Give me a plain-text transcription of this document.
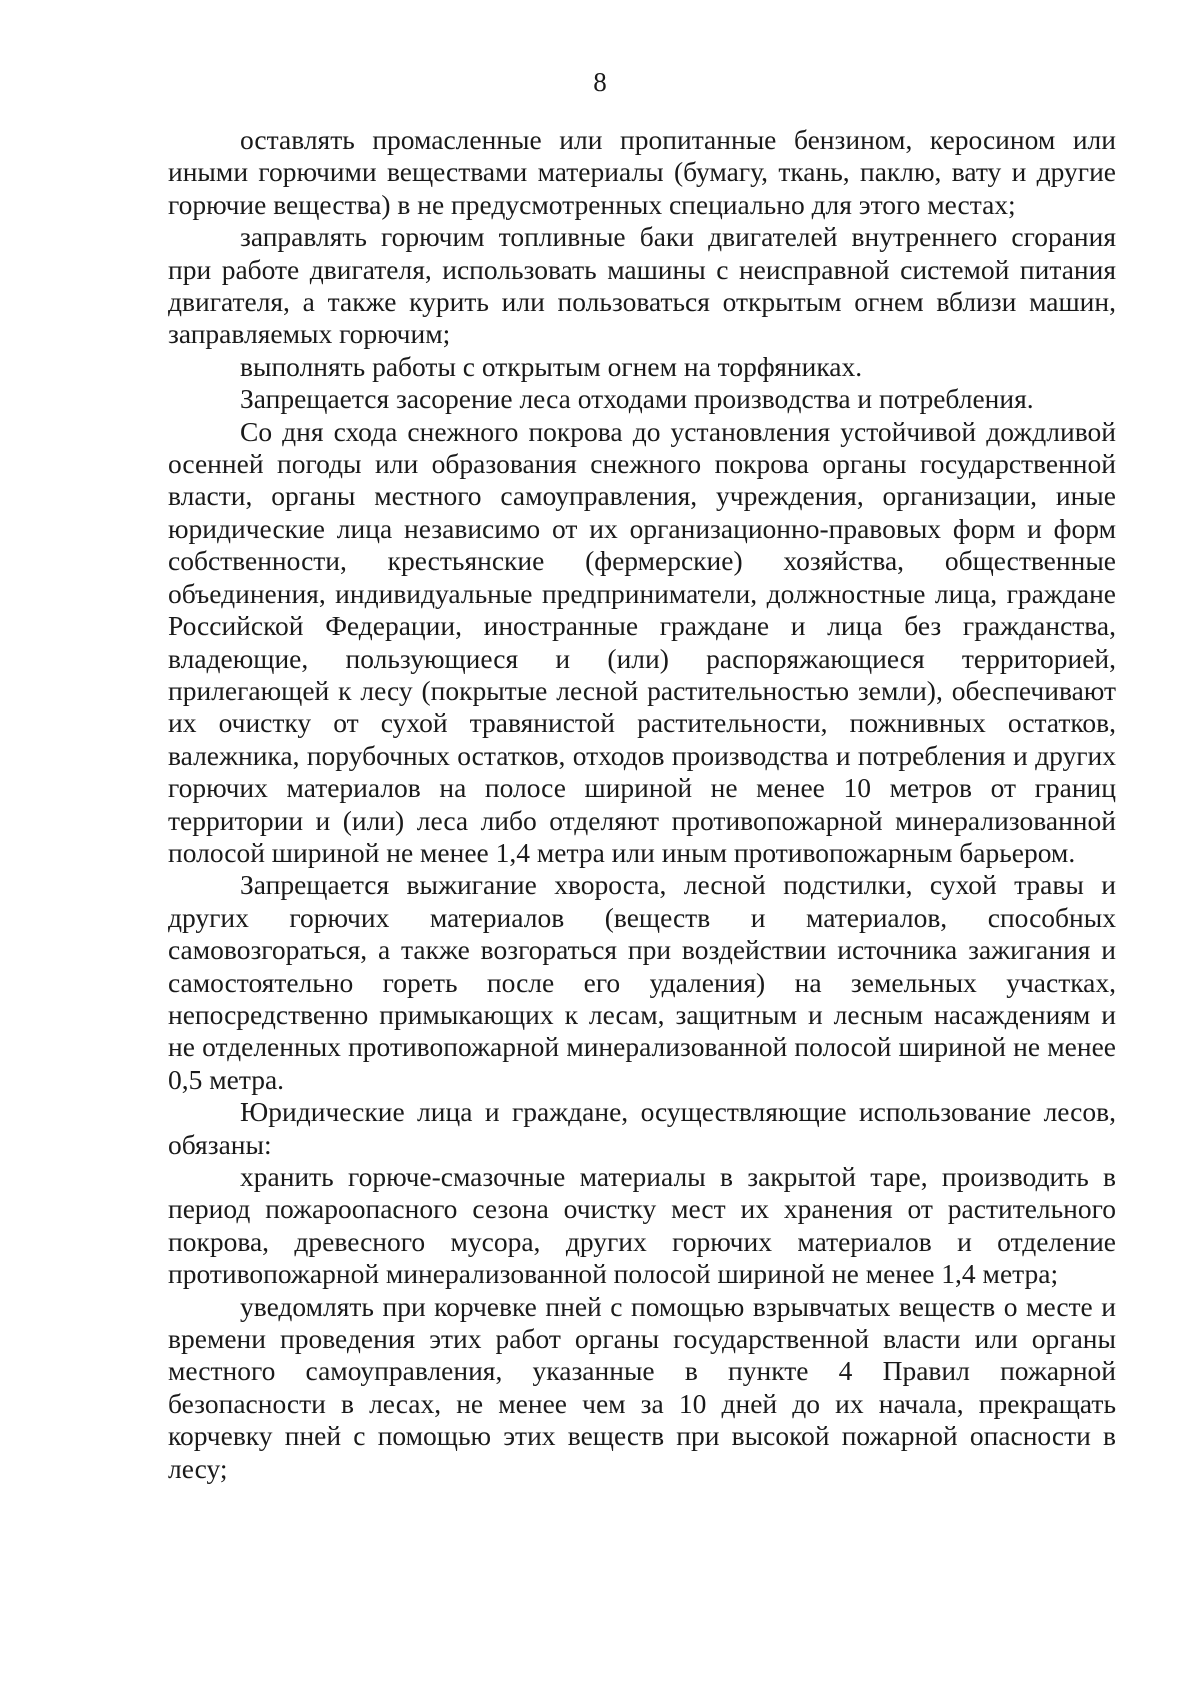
8

оставлять промасленные или пропитанные бензином, керосином или иными горючими веществами материалы (бумагу, ткань, паклю, вату и другие горючие вещества) в не предусмотренных специально для этого местах;

заправлять горючим топливные баки двигателей внутреннего сгорания при работе двигателя, использовать машины с неисправной системой питания двигателя, а также курить или пользоваться открытым огнем вблизи машин, заправляемых горючим;

выполнять работы с открытым огнем на торфяниках.

Запрещается засорение леса отходами производства и потребления.

Со дня схода снежного покрова до установления устойчивой дождливой осенней погоды или образования снежного покрова органы государственной власти, органы местного самоуправления, учреждения, организации, иные юридические лица независимо от их организационно-правовых форм и форм собственности, крестьянские (фермерские) хозяйства, общественные объединения, индивидуальные предприниматели, должностные лица, граждане Российской Федерации, иностранные граждане и лица без гражданства, владеющие, пользующиеся и (или) распоряжающиеся территорией, прилегающей к лесу (покрытые лесной растительностью земли), обеспечивают их очистку от сухой травянистой растительности, пожнивных остатков, валежника, порубочных остатков, отходов производства и потребления и других горючих материалов на полосе шириной не менее 10 метров от границ территории и (или) леса либо отделяют противопожарной минерализованной полосой шириной не менее 1,4 метра или иным противопожарным барьером.

Запрещается выжигание хвороста, лесной подстилки, сухой травы и других горючих материалов (веществ и материалов, способных самовозгораться, а также возгораться при воздействии источника зажигания и самостоятельно гореть после его удаления) на земельных участках, непосредственно примыкающих к лесам, защитным и лесным насаждениям и не отделенных противопожарной минерализованной полосой шириной не менее 0,5 метра.

Юридические лица и граждане, осуществляющие использование лесов, обязаны:

хранить горюче-смазочные материалы в закрытой таре, производить в период пожароопасного сезона очистку мест их хранения от растительного покрова, древесного мусора, других горючих материалов и отделение противопожарной минерализованной полосой шириной не менее 1,4 метра;

уведомлять при корчевке пней с помощью взрывчатых веществ о месте и времени проведения этих работ органы государственной власти или органы местного самоуправления, указанные в пункте 4 Правил пожарной безопасности в лесах, не менее чем за 10 дней до их начала, прекращать корчевку пней с помощью этих веществ при высокой пожарной опасности в лесу;
